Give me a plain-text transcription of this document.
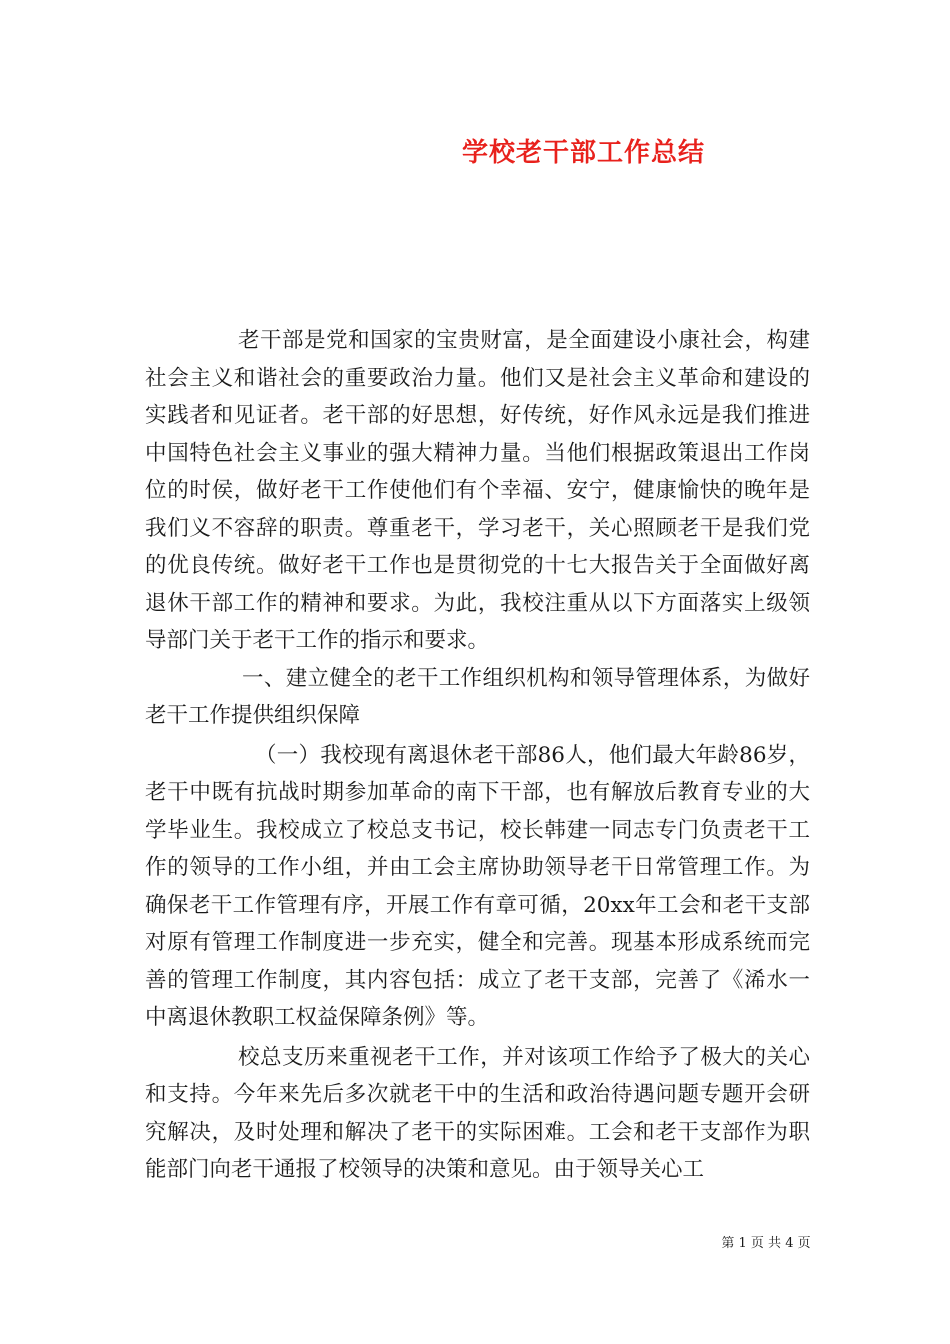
学校老干部工作总结

老干部是党和国家的宝贵财富，是全面建设小康社会，构建社会主义和谐社会的重要政治力量。他们又是社会主义革命和建设的实践者和见证者。老干部的好思想，好传统，好作风永远是我们推进中国特色社会主义事业的强大精神力量。当他们根据政策退出工作岗位的时侯，做好老干工作使他们有个幸福、安宁，健康愉快的晚年是我们义不容辞的职责。尊重老干，学习老干，关心照顾老干是我们党的优良传统。做好老干工作也是贯彻党的十七大报告关于全面做好离退休干部工作的精神和要求。为此，我校注重从以下方面落实上级领导部门关于老干工作的指示和要求。

一、建立健全的老干工作组织机构和领导管理体系，为做好老干工作提供组织保障

（一）我校现有离退休老干部86人，他们最大年龄86岁，老干中既有抗战时期参加革命的南下干部，也有解放后教育专业的大学毕业生。我校成立了校总支书记，校长韩建一同志专门负责老干工作的领导的工作小组，并由工会主席协助领导老干日常管理工作。为确保老干工作管理有序，开展工作有章可循，20xx年工会和老干支部对原有管理工作制度进一步充实，健全和完善。现基本形成系统而完善的管理工作制度，其内容包括：成立了老干支部，完善了《浠水一中离退休教职工权益保障条例》等。

校总支历来重视老干工作，并对该项工作给予了极大的关心和支持。今年来先后多次就老干中的生活和政治待遇问题专题开会研究解决，及时处理和解决了老干的实际困难。工会和老干支部作为职能部门向老干通报了校领导的决策和意见。由于领导关心工

第 1 页 共 4 页
